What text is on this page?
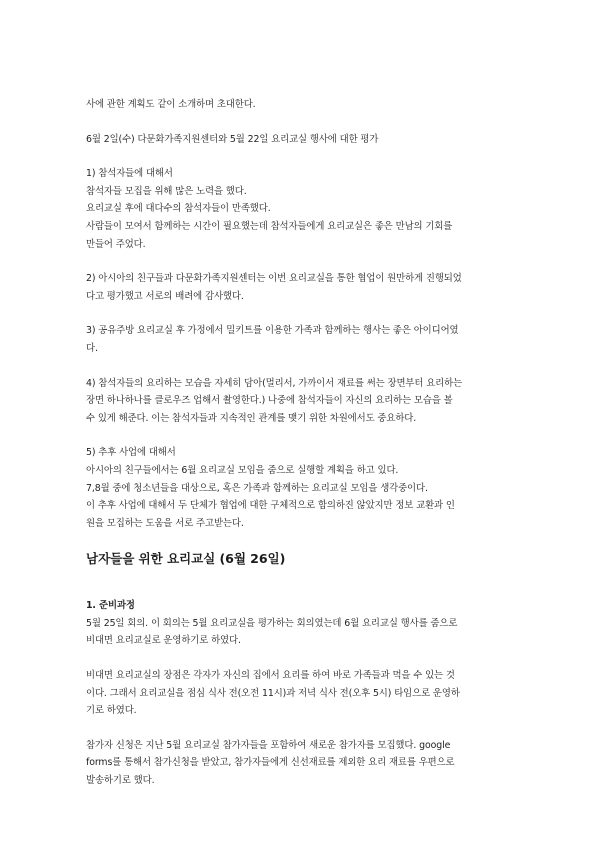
사에 관한 계획도 같이 소개하며 초대한다.
6월 2일(수) 다문화가족지원센터와 5월 22일 요리교실 행사에 대한 평가
1) 참석자들에 대해서
참석자들 모집을 위해 많은 노력을 했다.
요리교실 후에 대다수의 참석자들이 만족했다.
사람들이 모여서 함께하는 시간이 필요했는데 참석자들에게 요리교실은 좋은 만남의 기회를
만들어 주었다.
2) 아시아의 친구들과 다문화가족지원센터는 이번 요리교실을 통한 협업이 원만하게 진행되었
다고 평가했고 서로의 배려에 감사했다.
3) 공유주방 요리교실 후 가정에서 밀키트를 이용한 가족과 함께하는 행사는 좋은 아이디어였
다.
4) 참석자들의 요리하는 모습을 자세히 담아(멀리서, 가까이서 재료를 써는 장면부터 요리하는
장면 하나하나를 클로우즈 업해서 촬영한다.) 나중에 참석자들이 자신의 요리하는 모습을 볼
수 있게 해준다. 이는 참석자들과 지속적인 관계를 맺기 위한 차원에서도 중요하다.
5) 추후 사업에 대해서
아시아의 친구들에서는 6월 요리교실 모임을 줌으로 실행할 계획을 하고 있다.
7,8월 중에 청소년들을 대상으로, 혹은 가족과 함께하는 요리교실 모임을 생각중이다.
이 추후 사업에 대해서 두 단체가 협업에 대한 구체적으로 합의하진 않았지만 정보 교환과 인
원을 모집하는 도움을 서로 주고받는다.
남자들을 위한 요리교실 (6월 26일)
1. 준비과정
5월 25일 회의. 이 회의는 5월 요리교실을 평가하는 회의였는데 6월 요리교실 행사를 줌으로
비대면 요리교실로 운영하기로 하였다.
비대면 요리교실의 장점은 각자가 자신의 집에서 요리를 하여 바로 가족들과 먹을 수 있는 것
이다. 그래서 요리교실을 점심 식사 전(오전 11시)과 저녁 식사 전(오후 5시) 타임으로 운영하
기로 하였다.
참가자 신청은 지난 5월 요리교실 참가자들을 포함하여 새로운 참가자를 모집했다. google
forms를 통해서 참가신청을 받았고, 참가자들에게 신선재료를 제외한 요리 재료를 우편으로
발송하기로 했다.
